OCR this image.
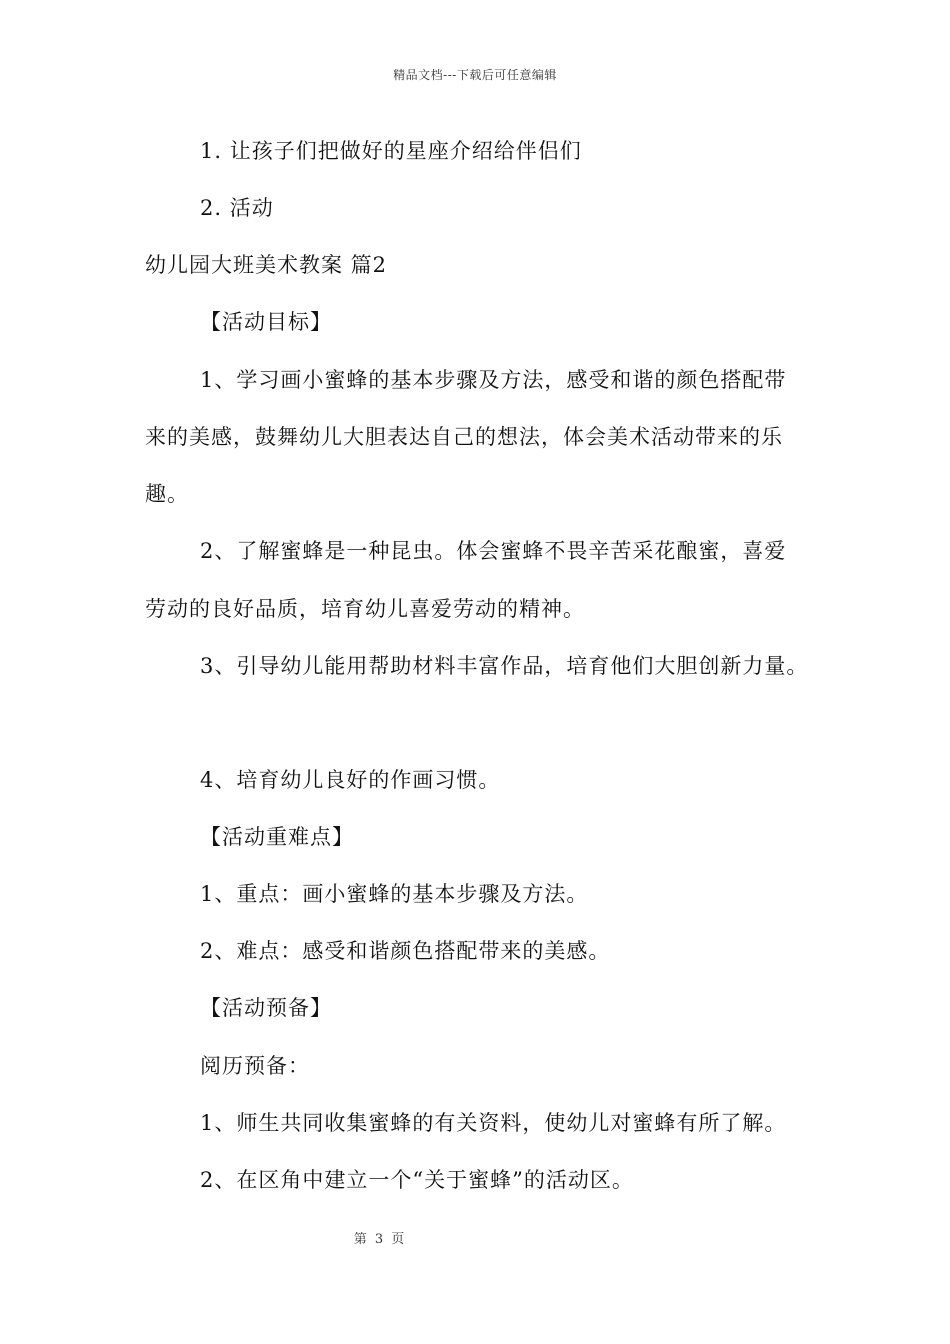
精品文档---下载后可任意编辑
1. 让孩子们把做好的星座介绍给伴侣们
2. 活动
幼儿园大班美术教案 篇2
【活动目标】
1、学习画小蜜蜂的基本步骤及方法，感受和谐的颜色搭配带
来的美感，鼓舞幼儿大胆表达自己的想法，体会美术活动带来的乐
趣。
2、了解蜜蜂是一种昆虫。体会蜜蜂不畏辛苦采花酿蜜，喜爱
劳动的良好品质，培育幼儿喜爱劳动的精神。
3、引导幼儿能用帮助材料丰富作品，培育他们大胆创新力量。
4、培育幼儿良好的作画习惯。
【活动重难点】
1、重点：画小蜜蜂的基本步骤及方法。
2、难点：感受和谐颜色搭配带来的美感。
【活动预备】
阅历预备：
1、师生共同收集蜜蜂的有关资料，使幼儿对蜜蜂有所了解。
2、在区角中建立一个“关于蜜蜂”的活动区。
第 3 页
